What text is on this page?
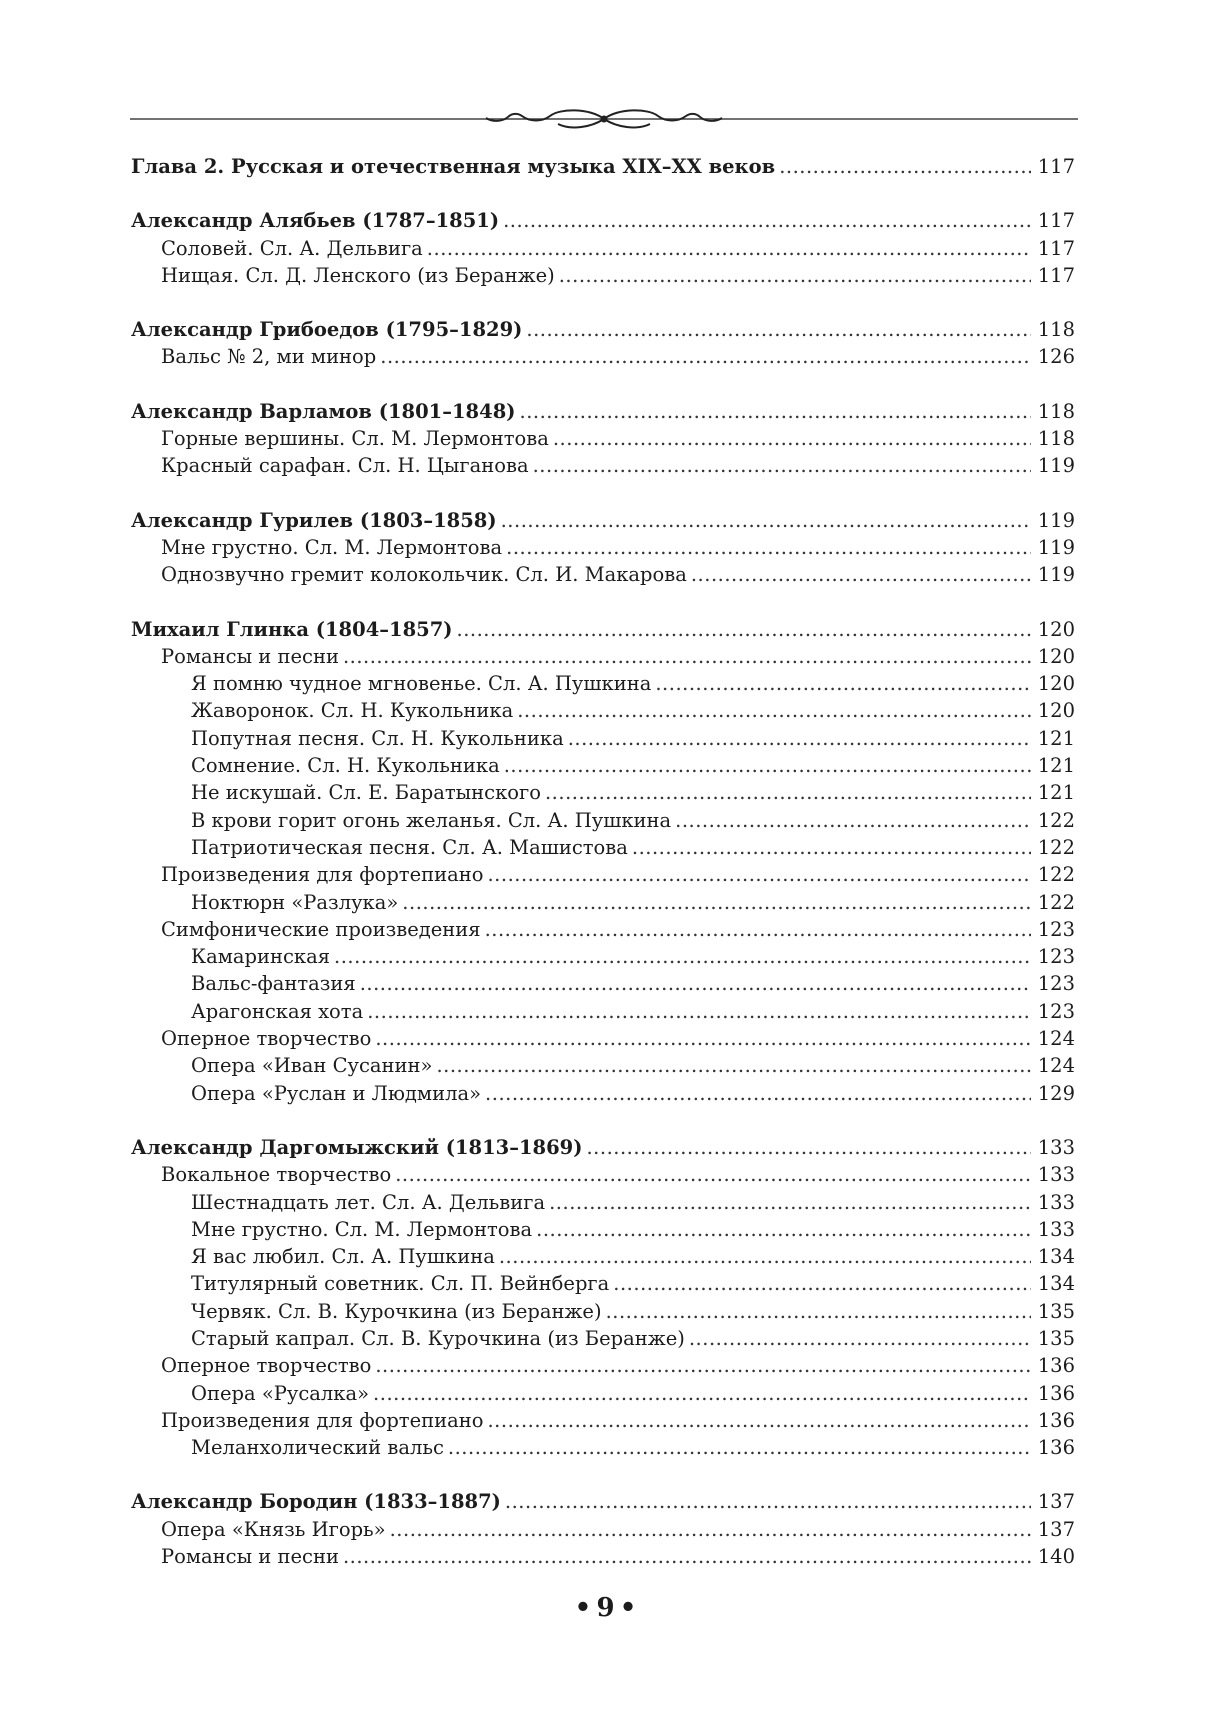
Глава 2. Русская и отечественная музыка XIX–XX веков .....	117
Александр Алябьев (1787–1851) .....	117
Соловей. Сл. А. Дельвига .....	117
Нищая. Сл. Д. Ленского (из Беранже) .....	117
Александр Грибоедов (1795–1829) .....	118
Вальс № 2, ми минор .....	126
Александр Варламов (1801–1848) .....	118
Горные вершины. Сл. М. Лермонтова .....	118
Красный сарафан. Сл. Н. Цыганова .....	119
Александр Гурилев (1803–1858) .....	119
Мне грустно. Сл. М. Лермонтова .....	119
Однозвучно гремит колокольчик. Сл. И. Макарова .....	119
Михаил Глинка (1804–1857) .....	120
Романсы и песни .....	120
Я помню чудное мгновенье. Сл. А. Пушкина .....	120
Жаворонок. Сл. Н. Кукольника .....	120
Попутная песня. Сл. Н. Кукольника .....	121
Сомнение. Сл. Н. Кукольника .....	121
Не искушай. Сл. Е. Баратынского .....	121
В крови горит огонь желанья. Сл. А. Пушкина .....	122
Патриотическая песня. Сл. А. Машистова .....	122
Произведения для фортепиано .....	122
Ноктюрн «Разлука» .....	122
Симфонические произведения .....	123
Камаринская .....	123
Вальс-фантазия .....	123
Арагонская хота .....	123
Оперное творчество .....	124
Опера «Иван Сусанин» .....	124
Опера «Руслан и Людмила» .....	129
Александр Даргомыжский (1813–1869) .....	133
Вокальное творчество .....	133
Шестнадцать лет. Сл. А. Дельвига .....	133
Мне грустно. Сл. М. Лермонтова .....	133
Я вас любил. Сл. А. Пушкина .....	134
Титулярный советник. Сл. П. Вейнберга .....	134
Червяк. Сл. В. Курочкина (из Беранже) .....	135
Старый капрал. Сл. В. Курочкина (из Беранже) .....	135
Оперное творчество .....	136
Опера «Русалка» .....	136
Произведения для фортепиано .....	136
Меланхолический вальс .....	136
Александр Бородин (1833–1887) .....	137
Опера «Князь Игорь» .....	137
Романсы и песни .....	140
• 9 •
